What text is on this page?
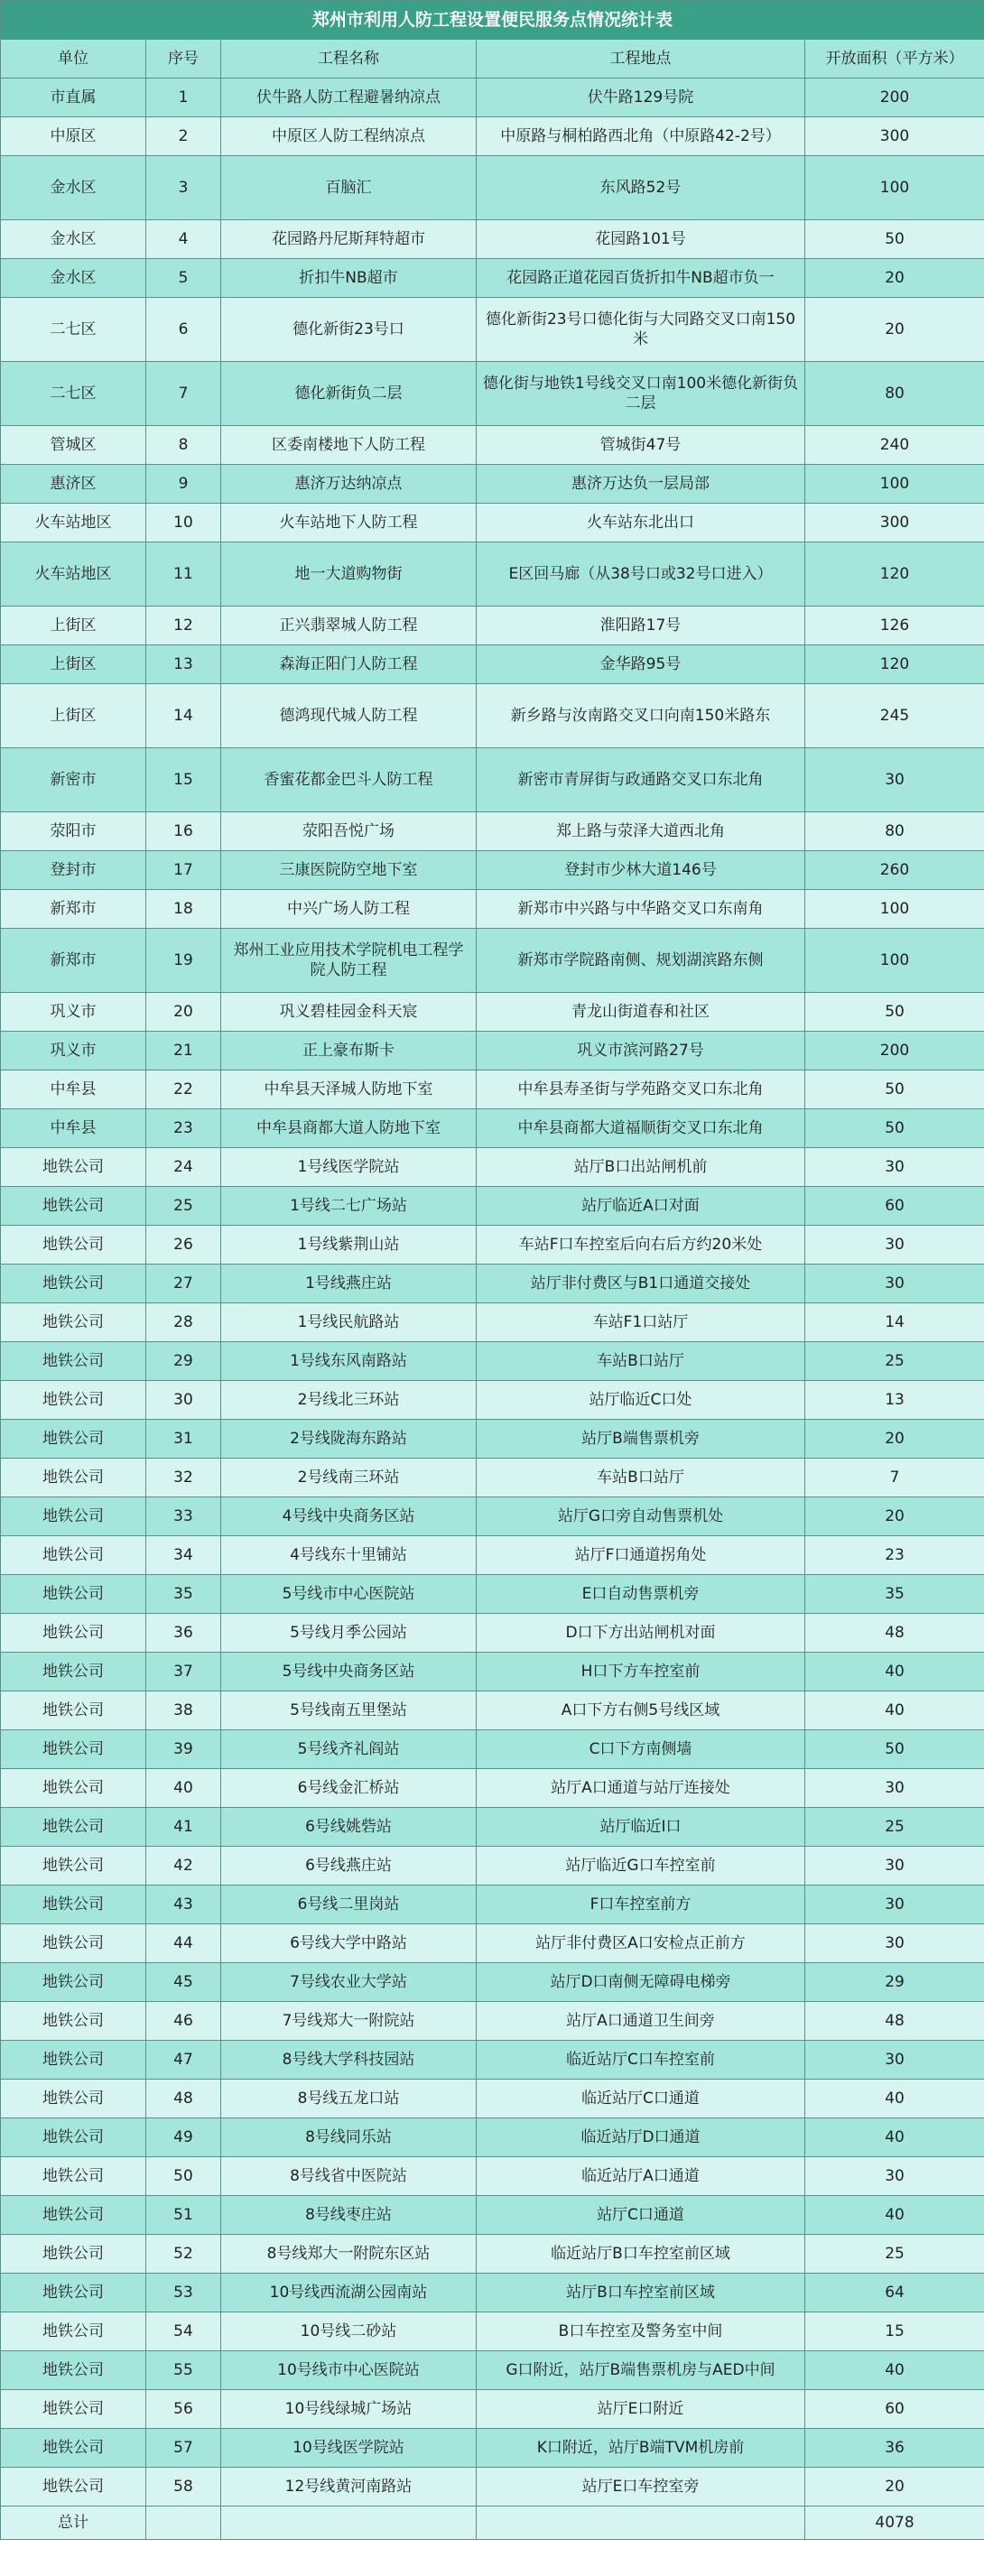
郑州市利用人防工程设置便民服务点情况统计表				
单位	序号	工程名称	工程地点	开放面积（平方米）
市直属	1	伏牛路人防工程避暑纳凉点	伏牛路129号院	200
中原区	2	中原区人防工程纳凉点	中原路与桐柏路西北角（中原路42-2号）	300
金水区	3	百脑汇	东风路52号	100
金水区	4	花园路丹尼斯拜特超市	花园路101号	50
金水区	5	折扣牛NB超市	花园路正道花园百货折扣牛NB超市负一	20
二七区	6	德化新街23号口	德化新街23号口德化街与大同路交叉口南150米	20
二七区	7	德化新街负二层	德化街与地铁1号线交叉口南100米德化新街负二层	80
管城区	8	区委南楼地下人防工程	管城街47号	240
惠济区	9	惠济万达纳凉点	惠济万达负一层局部	100
火车站地区	10	火车站地下人防工程	火车站东北出口	300
火车站地区	11	地一大道购物街	E区回马廊（从38号口或32号口进入）	120
上街区	12	正兴翡翠城人防工程	淮阳路17号	126
上街区	13	森海正阳门人防工程	金华路95号	120
上街区	14	德鸿现代城人防工程	新乡路与汝南路交叉口向南150米路东	245
新密市	15	香蜜花都金巴斗人防工程	新密市青屏街与政通路交叉口东北角	30
荥阳市	16	荥阳吾悦广场	郑上路与荥泽大道西北角	80
登封市	17	三康医院防空地下室	登封市少林大道146号	260
新郑市	18	中兴广场人防工程	新郑市中兴路与中华路交叉口东南角	100
新郑市	19	郑州工业应用技术学院机电工程学院人防工程	新郑市学院路南侧、规划湖滨路东侧	100
巩义市	20	巩义碧桂园金科天宸	青龙山街道春和社区	50
巩义市	21	正上豪布斯卡	巩义市滨河路27号	200
中牟县	22	中牟县天泽城人防地下室	中牟县寿圣街与学苑路交叉口东北角	50
中牟县	23	中牟县商都大道人防地下室	中牟县商都大道福顺街交叉口东北角	50
地铁公司	24	1号线医学院站	站厅B口出站闸机前	30
地铁公司	25	1号线二七广场站	站厅临近A口对面	60
地铁公司	26	1号线紫荆山站	车站F口车控室后向右后方约20米处	30
地铁公司	27	1号线燕庄站	站厅非付费区与B1口通道交接处	30
地铁公司	28	1号线民航路站	车站F1口站厅	14
地铁公司	29	1号线东风南路站	车站B口站厅	25
地铁公司	30	2号线北三环站	站厅临近C口处	13
地铁公司	31	2号线陇海东路站	站厅B端售票机旁	20
地铁公司	32	2号线南三环站	车站B口站厅	7
地铁公司	33	4号线中央商务区站	站厅G口旁自动售票机处	20
地铁公司	34	4号线东十里铺站	站厅F口通道拐角处	23
地铁公司	35	5号线市中心医院站	E口自动售票机旁	35
地铁公司	36	5号线月季公园站	D口下方出站闸机对面	48
地铁公司	37	5号线中央商务区站	H口下方车控室前	40
地铁公司	38	5号线南五里堡站	A口下方右侧5号线区域	40
地铁公司	39	5号线齐礼阎站	C口下方南侧墙	50
地铁公司	40	6号线金汇桥站	站厅A口通道与站厅连接处	30
地铁公司	41	6号线姚砦站	站厅临近I口	25
地铁公司	42	6号线燕庄站	站厅临近G口车控室前	30
地铁公司	43	6号线二里岗站	F口车控室前方	30
地铁公司	44	6号线大学中路站	站厅非付费区A口安检点正前方	30
地铁公司	45	7号线农业大学站	站厅D口南侧无障碍电梯旁	29
地铁公司	46	7号线郑大一附院站	站厅A口通道卫生间旁	48
地铁公司	47	8号线大学科技园站	临近站厅C口车控室前	30
地铁公司	48	8号线五龙口站	临近站厅C口通道	40
地铁公司	49	8号线同乐站	临近站厅D口通道	40
地铁公司	50	8号线省中医院站	临近站厅A口通道	30
地铁公司	51	8号线枣庄站	站厅C口通道	40
地铁公司	52	8号线郑大一附院东区站	临近站厅B口车控室前区域	25
地铁公司	53	10号线西流湖公园南站	站厅B口车控室前区域	64
地铁公司	54	10号线二砂站	B口车控室及警务室中间	15
地铁公司	55	10号线市中心医院站	G口附近，站厅B端售票机房与AED中间	40
地铁公司	56	10号线绿城广场站	站厅E口附近	60
地铁公司	57	10号线医学院站	K口附近，站厅B端TVM机房前	36
地铁公司	58	12号线黄河南路站	站厅E口车控室旁	20
总计				4078
